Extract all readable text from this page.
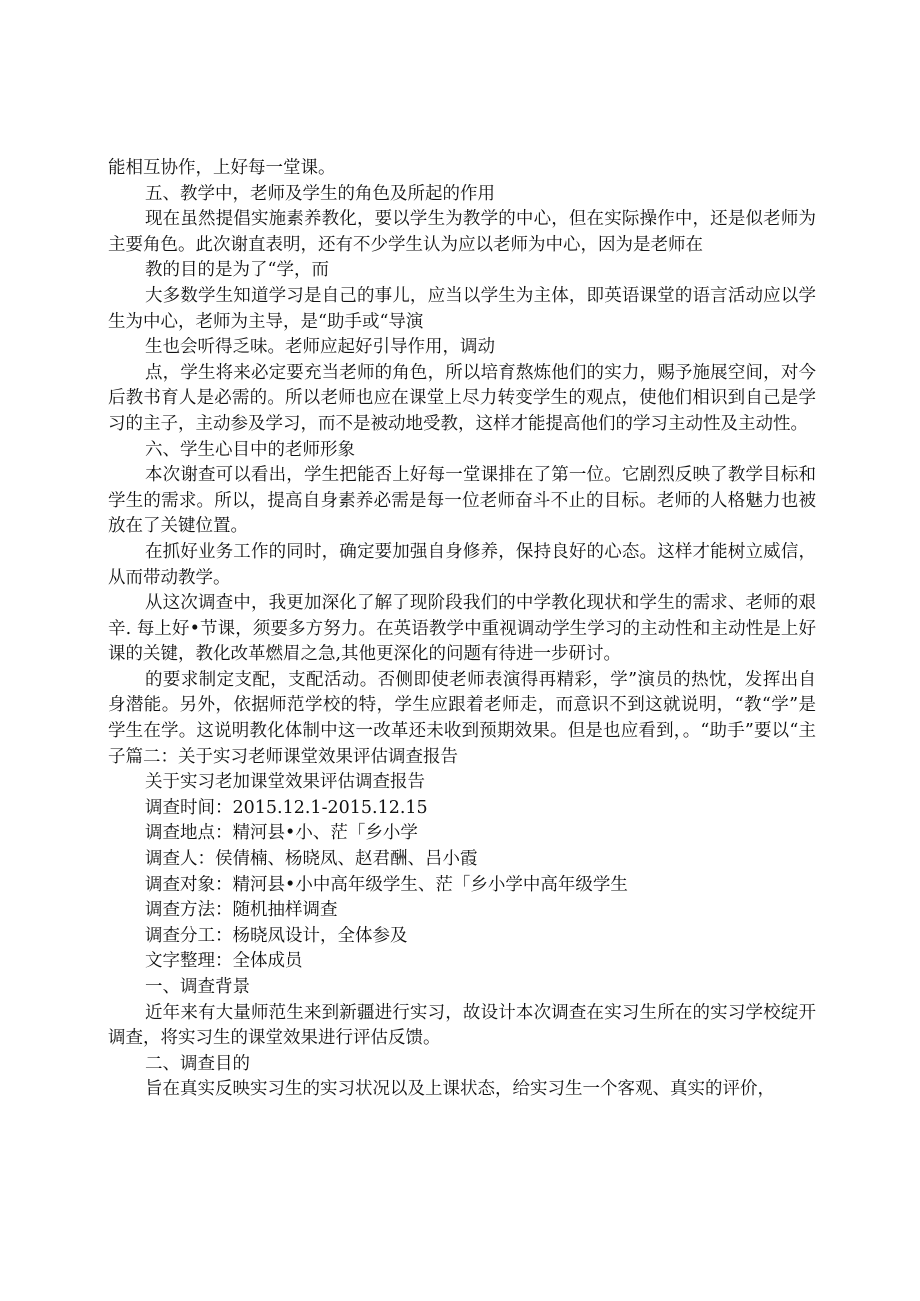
能相互协作，上好每一堂课。

五、教学中，老师及学生的角色及所起的作用

现在虽然提倡实施素养教化，要以学生为教学的中心，但在实际操作中，还是似老师为主要角色。此次谢直表明，还有不少学生认为应以老师为中心，因为是老师在

教的目的是为了“学，而

大多数学生知道学习是自己的事儿，应当以学生为主体，即英语课堂的语言活动应以学生为中心，老师为主导，是“助手或“导演

生也会听得乏味。老师应起好引导作用，调动

点，学生将来必定要充当老师的角色，所以培育熬炼他们的实力，赐予施展空间，对今后教书育人是必需的。所以老师也应在课堂上尽力转变学生的观点，使他们相识到自己是学习的主子，主动参及学习，而不是被动地受教，这样才能提高他们的学习主动性及主动性。

六、学生心目中的老师形象

本次谢查可以看出，学生把能否上好每一堂课排在了第一位。它剧烈反映了教学目标和学生的需求。所以，提高自身素养必需是每一位老师奋斗不止的目标。老师的人格魅力也被放在了关键位置。

在抓好业务工作的同时，确定要加强自身修养，保持良好的心态。这样才能树立威信，从而带动教学。

从这次调查中，我更加深化了解了现阶段我们的中学教化现状和学生的需求、老师的艰辛. 每上好•节课，须要多方努力。在英语教学中重视调动学生学习的主动性和主动性是上好课的关键，教化改革燃眉之急,其他更深化的问题有待进一步研讨。

的要求制定支配，支配活动。否侧即使老师表演得再精彩，学”演员的热忱，发挥出自身潜能。另外，依据师范学校的特，学生应跟着老师走，而意识不到这就说明，“教“学”是学生在学。这说明教化体制中这一改革还未收到预期效果。但是也应看到，。“助手”要以“主子篇二：关于实习老师课堂效果评估调查报告

关于实习老加课堂效果评估调查报告

调查时间：2015.12.1-2015.12.15

调查地点：精河县•小、茫「乡小学

调查人：侯倩楠、杨晓凤、赵君酬、吕小霞

调查对象：精河县•小中高年级学生、茫「乡小学中高年级学生

调查方法：随机抽样调查

调查分工：杨晓凤设计，全体参及

文字整理：全体成员

一、调查背景

近年来有大量师范生来到新疆进行实习，故设计本次调查在实习生所在的实习学校绽开调查，将实习生的课堂效果进行评估反馈。

二、调查目的

旨在真实反映实习生的实习状况以及上课状态，给实习生一个客观、真实的评价，
